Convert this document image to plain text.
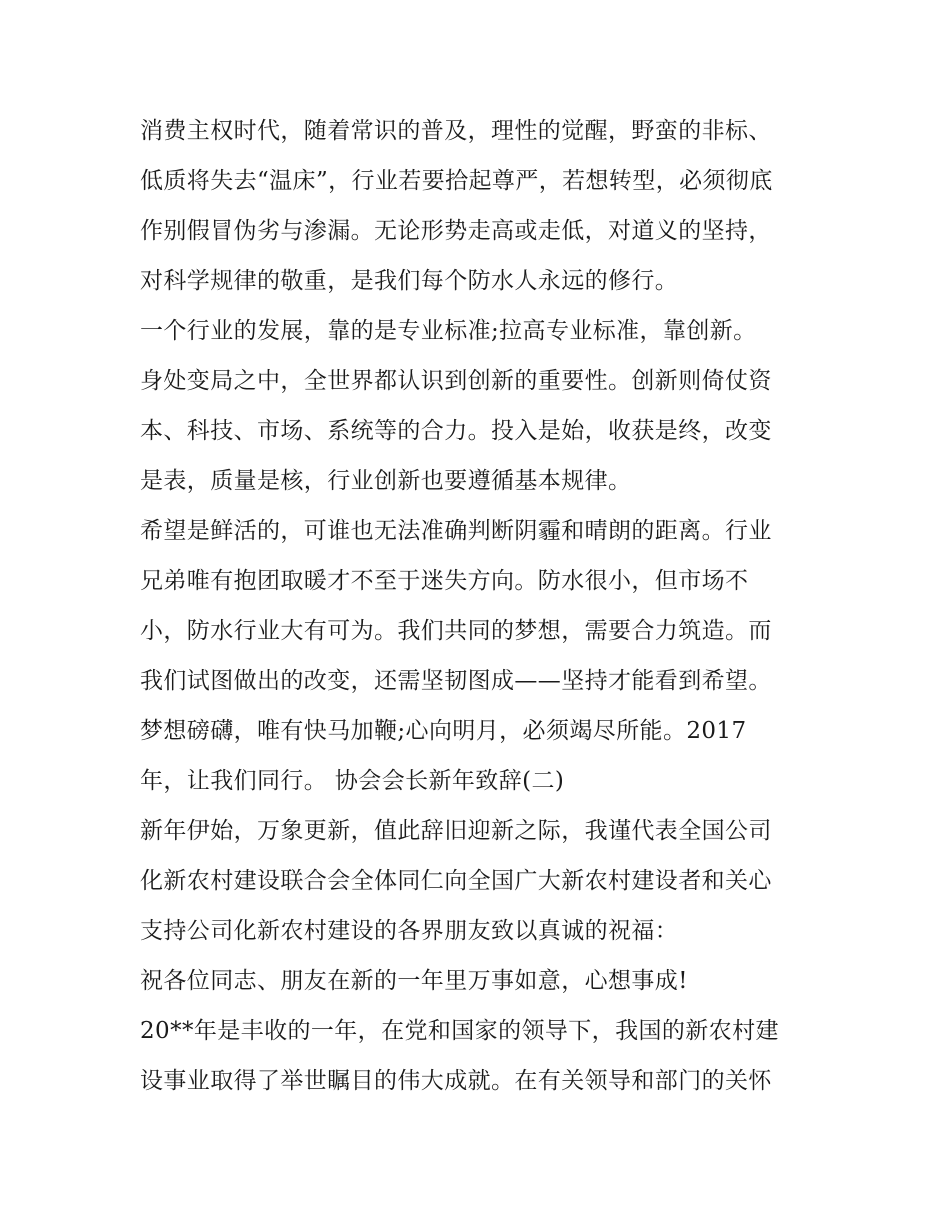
消费主权时代，随着常识的普及，理性的觉醒，野蛮的非标、
低质将失去“温床”，行业若要拾起尊严，若想转型，必须彻底
作别假冒伪劣与渗漏。无论形势走高或走低，对道义的坚持，
对科学规律的敬重，是我们每个防水人永远的修行。
一个行业的发展，靠的是专业标准;拉高专业标准，靠创新。
身处变局之中，全世界都认识到创新的重要性。创新则倚仗资
本、科技、市场、系统等的合力。投入是始，收获是终，改变
是表，质量是核，行业创新也要遵循基本规律。
希望是鲜活的，可谁也无法准确判断阴霾和晴朗的距离。行业
兄弟唯有抱团取暖才不至于迷失方向。防水很小，但市场不
小，防水行业大有可为。我们共同的梦想，需要合力筑造。而
我们试图做出的改变，还需坚韧图成——坚持才能看到希望。
梦想磅礴，唯有快马加鞭;心向明月，必须竭尽所能。2017
年，让我们同行。 协会会长新年致辞(二)
新年伊始，万象更新，值此辞旧迎新之际，我谨代表全国公司
化新农村建设联合会全体同仁向全国广大新农村建设者和关心
支持公司化新农村建设的各界朋友致以真诚的祝福：
祝各位同志、朋友在新的一年里万事如意，心想事成!
20**年是丰收的一年，在党和国家的领导下，我国的新农村建
设事业取得了举世瞩目的伟大成就。在有关领导和部门的关怀
